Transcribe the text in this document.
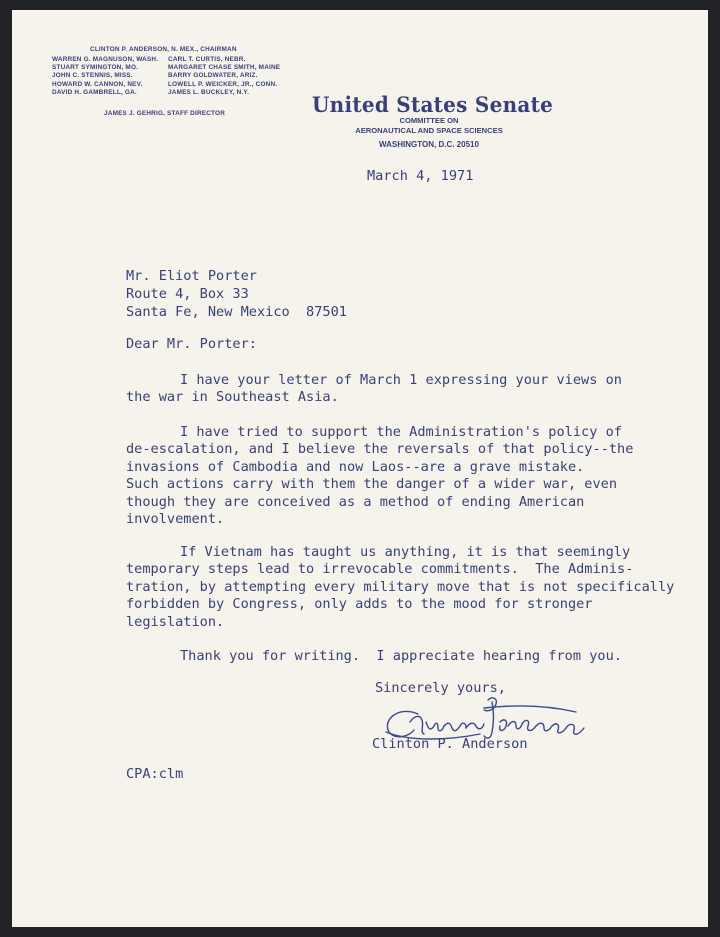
CLINTON P. ANDERSON, N. MEX., CHAIRMAN
WARREN G. MAGNUSON, WASH.
STUART SYMINGTON, MO.
JOHN C. STENNIS, MISS.
HOWARD W. CANNON, NEV.
DAVID H. GAMBRELL, GA.
CARL T. CURTIS, NEBR.
MARGARET CHASE SMITH, MAINE
BARRY GOLDWATER, ARIZ.
LOWELL P. WEICKER, JR., CONN.
JAMES L. BUCKLEY, N.Y.
JAMES J. GEHRIG, STAFF DIRECTOR	United States Senate
COMMITTEE ON
AERONAUTICAL AND SPACE SCIENCES
WASHINGTON, D.C. 20510
March 4, 1971
Mr. Eliot Porter
Route 4, Box 33
Santa Fe, New Mexico  87501
Dear Mr. Porter:
I have your letter of March 1 expressing your views on
the war in Southeast Asia.
I have tried to support the Administration's policy of
de-escalation, and I believe the reversals of that policy--the
invasions of Cambodia and now Laos--are a grave mistake.
Such actions carry with them the danger of a wider war, even
though they are conceived as a method of ending American
involvement.
If Vietnam has taught us anything, it is that seemingly
temporary steps lead to irrevocable commitments.  The Adminis-
tration, by attempting every military move that is not specifically
forbidden by Congress, only adds to the mood for stronger
legislation.
Thank you for writing.  I appreciate hearing from you.
Sincerely yours,
Clinton P. Anderson
CPA:clm
